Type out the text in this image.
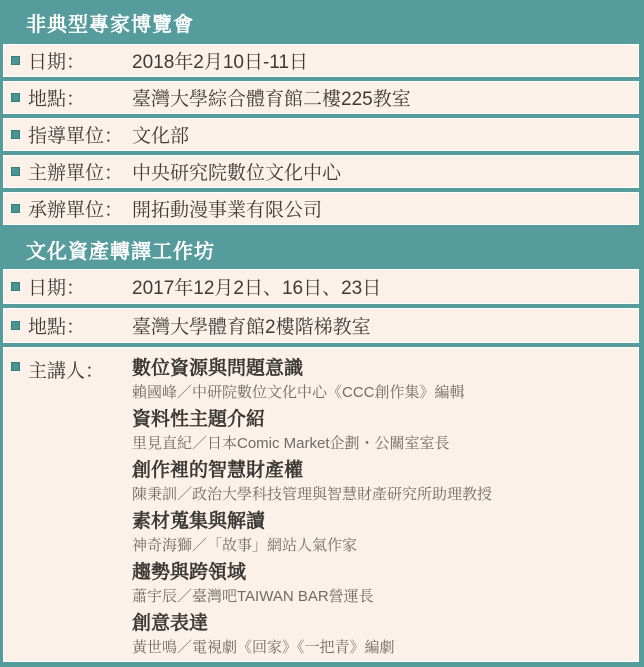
非典型專家博覽會
日期：	2018年2月10日-11日
地點：	臺灣大學綜合體育館二樓225教室
指導單位： 文化部
主辦單位： 中央研究院數位文化中心
承辦單位： 開拓動漫事業有限公司
文化資產轉譯工作坊
日期：	2017年12月2日、16日、23日
地點：	臺灣大學體育館2樓階梯教室
主講人：	數位資源與問題意識
賴國峰／中研院數位文化中心《CCC創作集》編輯
資料性主題介紹
里見直紀／日本Comic Market企劃・公關室室長
創作裡的智慧財產權
陳秉訓／政治大學科技管理與智慧財產研究所助理教授
素材蒐集與解讀
神奇海獅／「故事」網站人氣作家
趨勢與跨領域
蕭宇辰／臺灣吧TAIWAN BAR營運長
創意表達
黃世鳴／電視劇《回家》《一把青》編劇
